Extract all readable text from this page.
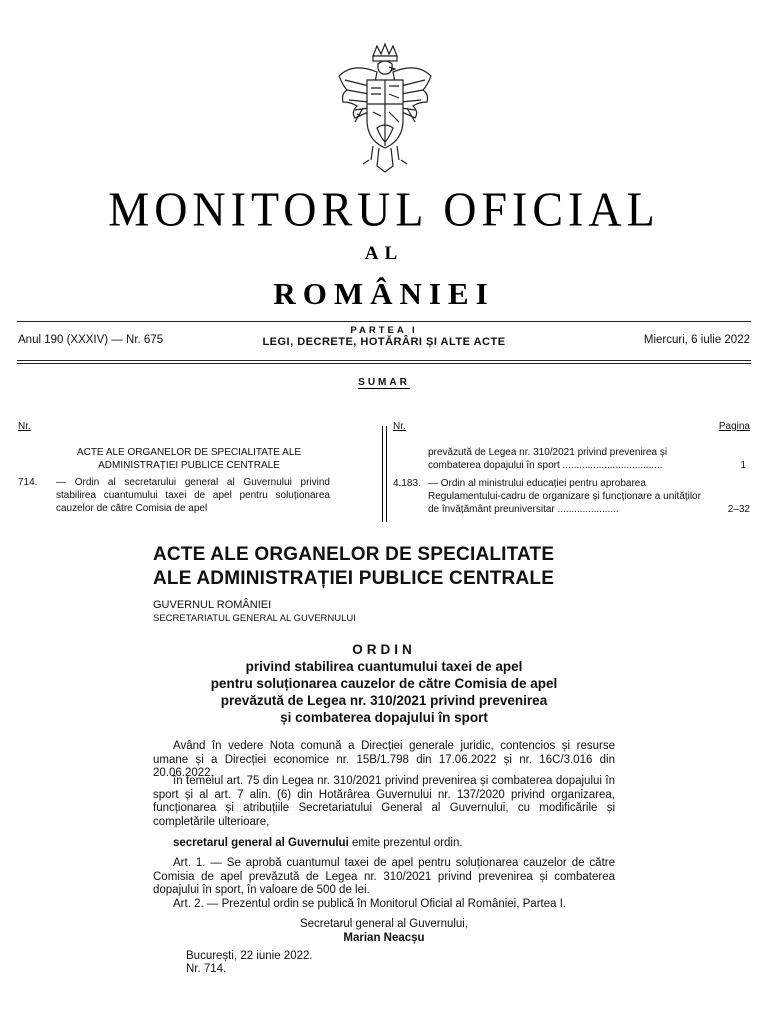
MONITORUL OFICIAL
AL
ROMÂNIEI
Anul 190 (XXXIV) — Nr. 675
PARTEA I
LEGI, DECRETE, HOTĂRÂRI ȘI ALTE ACTE	Miercuri, 6 iulie 2022
SUMAR
Nr.	Nr.	Pagina
ACTE ALE ORGANELOR DE SPECIALITATE ALE ADMINISTRAȚIEI PUBLICE CENTRALE
714. — Ordin al secretarului general al Guvernului privind stabilirea cuantumului taxei de apel pentru soluționarea cauzelor de către Comisia de apel
prevăzută de Legea nr. 310/2021 privind prevenirea și combaterea dopajului în sport ....................................	1
4.183. — Ordin al ministrului educației pentru aprobarea Regulamentului-cadru de organizare și funcționare a unităților de învățământ preuniversitar ......................	2–32
ACTE ALE ORGANELOR DE SPECIALITATE
ALE ADMINISTRAȚIEI PUBLICE CENTRALE
GUVERNUL ROMÂNIEI
SECRETARIATUL GENERAL AL GUVERNULUI
ORDIN
privind stabilirea cuantumului taxei de apel
pentru soluționarea cauzelor de către Comisia de apel
prevăzută de Legea nr. 310/2021 privind prevenirea
și combaterea dopajului în sport

Având în vedere Nota comună a Direcției generale juridic, contencios și resurse umane și a Direcției economice nr. 15B/1.798 din 17.06.2022 și nr. 16C/3.016 din 20.06.2022,

în temeiul art. 75 din Legea nr. 310/2021 privind prevenirea și combaterea dopajului în sport și al art. 7 alin. (6) din Hotărârea Guvernului nr. 137/2020 privind organizarea, funcționarea și atribuțiile Secretariatului General al Guvernului, cu modificările și completările ulterioare,

secretarul general al Guvernului emite prezentul ordin.

Art. 1. — Se aprobă cuantumul taxei de apel pentru soluționarea cauzelor de către Comisia de apel prevăzută de Legea nr. 310/2021 privind prevenirea și combaterea dopajului în sport, în valoare de 500 de lei.

Art. 2. — Prezentul ordin se publică în Monitorul Oficial al României, Partea I.

Secretarul general al Guvernului,
Marian Neacșu
București, 22 iunie 2022.
Nr. 714.
